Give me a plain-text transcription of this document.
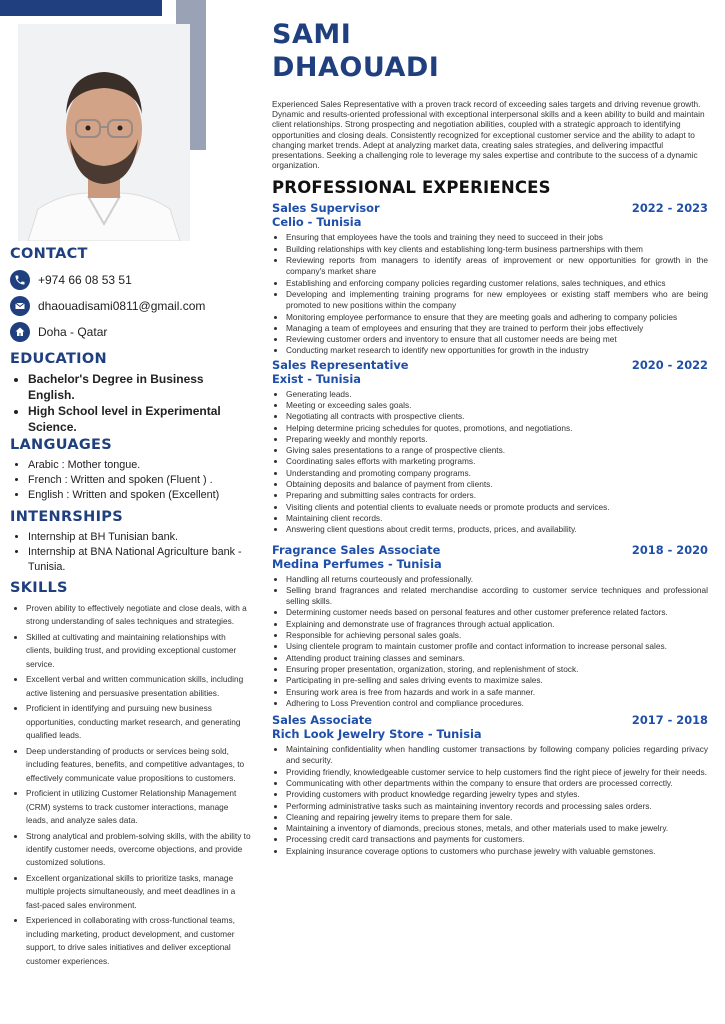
CONTACT
+974 66 08 53 51
dhaouadisami0811@gmail.com
Doha - Qatar
EDUCATION
• Bachelor's Degree in Business English.
• High School level in Experimental Science.
LANGUAGES
• Arabic : Mother tongue.
• French : Written and spoken (Fluent ) .
• English : Written and spoken (Excellent)
INTENRSHIPS
• Internship at BH Tunisian bank.
• Internship at BNA National Agriculture bank - Tunisia.
SKILLS
• Proven ability to effectively negotiate and close deals, with a strong understanding of sales techniques and strategies.
• Skilled at cultivating and maintaining relationships with clients, building trust, and providing exceptional customer service.
• Excellent verbal and written communication skills, including active listening and persuasive presentation abilities.
• Proficient in identifying and pursuing new business opportunities, conducting market research, and generating qualified leads.
• Deep understanding of products or services being sold, including features, benefits, and competitive advantages, to effectively communicate value propositions to customers.
• Proficient in utilizing Customer Relationship Management (CRM) systems to track customer interactions, manage leads, and analyze sales data.
• Strong analytical and problem-solving skills, with the ability to identify customer needs, overcome objections, and provide customized solutions.
• Excellent organizational skills to prioritize tasks, manage multiple projects simultaneously, and meet deadlines in a fast-paced sales environment.
• Experienced in collaborating with cross-functional teams, including marketing, product development, and customer support, to drive sales initiatives and deliver exceptional customer experiences.
SAMI
DHAOUADI

Experienced Sales Representative with a proven track record of exceeding sales targets and driving revenue growth. Dynamic and results-oriented professional with exceptional interpersonal skills and a keen ability to build and maintain client relationships. Strong prospecting and negotiation abilities, coupled with a strategic approach to identifying opportunities and closing deals. Consistently recognized for exceptional customer service and the ability to adapt to changing market trends. Adept at analyzing market data, creating sales strategies, and delivering impactful presentations. Seeking a challenging role to leverage my sales expertise and contribute to the success of a dynamic organization.

PROFESSIONAL EXPERIENCES
Sales Supervisor	2022 - 2023
Celio - Tunisia
• Ensuring that employees have the tools and training they need to succeed in their jobs
• Building relationships with key clients and establishing long-term business partnerships with them
• Reviewing reports from managers to identify areas of improvement or new opportunities for growth in the company's market share
• Establishing and enforcing company policies regarding customer relations, sales techniques, and ethics
• Developing and implementing training programs for new employees or existing staff members who are being promoted to new positions within the company
• Monitoring employee performance to ensure that they are meeting goals and adhering to company policies
• Managing a team of employees and ensuring that they are trained to perform their jobs effectively
• Reviewing customer orders and inventory to ensure that all customer needs are being met
• Conducting market research to identify new opportunities for growth in the industry
Sales Representative	2020 - 2022
Exist - Tunisia
• Generating leads.
• Meeting or exceeding sales goals.
• Negotiating all contracts with prospective clients.
• Helping determine pricing schedules for quotes, promotions, and negotiations.
• Preparing weekly and monthly reports.
• Giving sales presentations to a range of prospective clients.
• Coordinating sales efforts with marketing programs.
• Understanding and promoting company programs.
• Obtaining deposits and balance of payment from clients.
• Preparing and submitting sales contracts for orders.
• Visiting clients and potential clients to evaluate needs or promote products and services.
• Maintaining client records.
• Answering client questions about credit terms, products, prices, and availability.
Fragrance Sales Associate	2018 - 2020
Medina Perfumes - Tunisia
• Handling all returns courteously and professionally.
• Selling brand fragrances and related merchandise according to customer service techniques and professional selling skills.
• Determining customer needs based on personal features and other customer preference related factors.
• Explaining and demonstrate use of fragrances through actual application.
• Responsible for achieving personal sales goals.
• Using clientele program to maintain customer profile and contact information to increase personal sales.
• Attending product training classes and seminars.
• Ensuring proper presentation, organization, storing, and replenishment of stock.
• Participating in pre-selling and sales driving events to maximize sales.
• Ensuring work area is free from hazards and work in a safe manner.
• Adhering to Loss Prevention control and compliance procedures.
Sales Associate	2017 - 2018
Rich Look Jewelry Store - Tunisia
• Maintaining confidentiality when handling customer transactions by following company policies regarding privacy and security.
• Providing friendly, knowledgeable customer service to help customers find the right piece of jewelry for their needs.
• Communicating with other departments within the company to ensure that orders are processed correctly.
• Providing customers with product knowledge regarding jewelry types and styles.
• Performing administrative tasks such as maintaining inventory records and processing sales orders.
• Cleaning and repairing jewelry items to prepare them for sale.
• Maintaining a inventory of diamonds, precious stones, metals, and other materials used to make jewelry.
• Processing credit card transactions and payments for customers.
• Explaining insurance coverage options to customers who purchase jewelry with valuable gemstones.
